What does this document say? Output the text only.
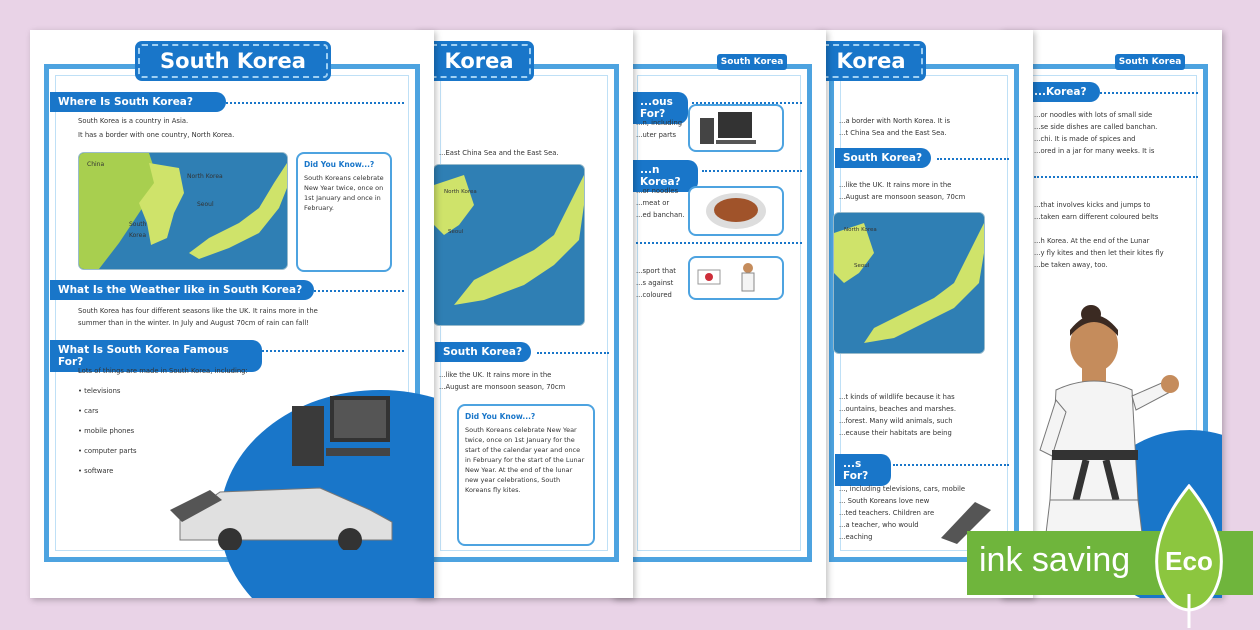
South Korea
...Korea?
...or noodles with lots of small side
...se side dishes are called banchan.
...chi. It is made of spices and
...ored in a jar for many weeks. It is
...that involves kicks and jumps to
...taken earn different coloured belts
...h Korea. At the end of the Lunar
...y fly kites and then let their kites fly
...be taken away, too.
Korea
...a border with North Korea. It is
...t China Sea and the East Sea.
South Korea?
...like the UK. It rains more in the
...August are monsoon season, 70cm
North Korea
Seoul
...t kinds of wildlife because it has
...ountains, beaches and marshes.
...forest. Many wild animals, such
...ecause their habitats are being
...s For?
..., including televisions, cars, mobile
... South Koreans love new
...ted teachers. Children are
...a teacher, who would
...eaching
South Korea
...ous For?
...n, including
...uter parts
...n Korea?
...or noodles
...meat or
...ed banchan.
...sport that
...s against
...coloured
Korea
...East China Sea and the East Sea.
North Korea
Seoul
South Korea?
...like the UK. It rains more in the
...August are monsoon season, 70cm
Did You Know...?
South Koreans celebrate New Year twice, once on 1st January for the start of the calendar year and once in February for the start of the Lunar New Year. At the end of the lunar new year celebrations, South Koreans fly kites.
South Korea
Where Is South Korea?
South Korea is a country in Asia.
It has a border with one country, North Korea.
China
North Korea
Seoul
South Korea
Did You Know...?
South Koreans celebrate New Year twice, once on 1st January and once in February.
What Is the Weather like in South Korea?
South Korea has four different seasons like the UK. It rains more in the
summer than in the winter. In July and August 70cm of rain can fall!
What Is South Korea Famous For?
Lots of things are made in South Korea, including:
• televisions
• cars
• mobile phones
• computer parts
• software
ink saving Eco
